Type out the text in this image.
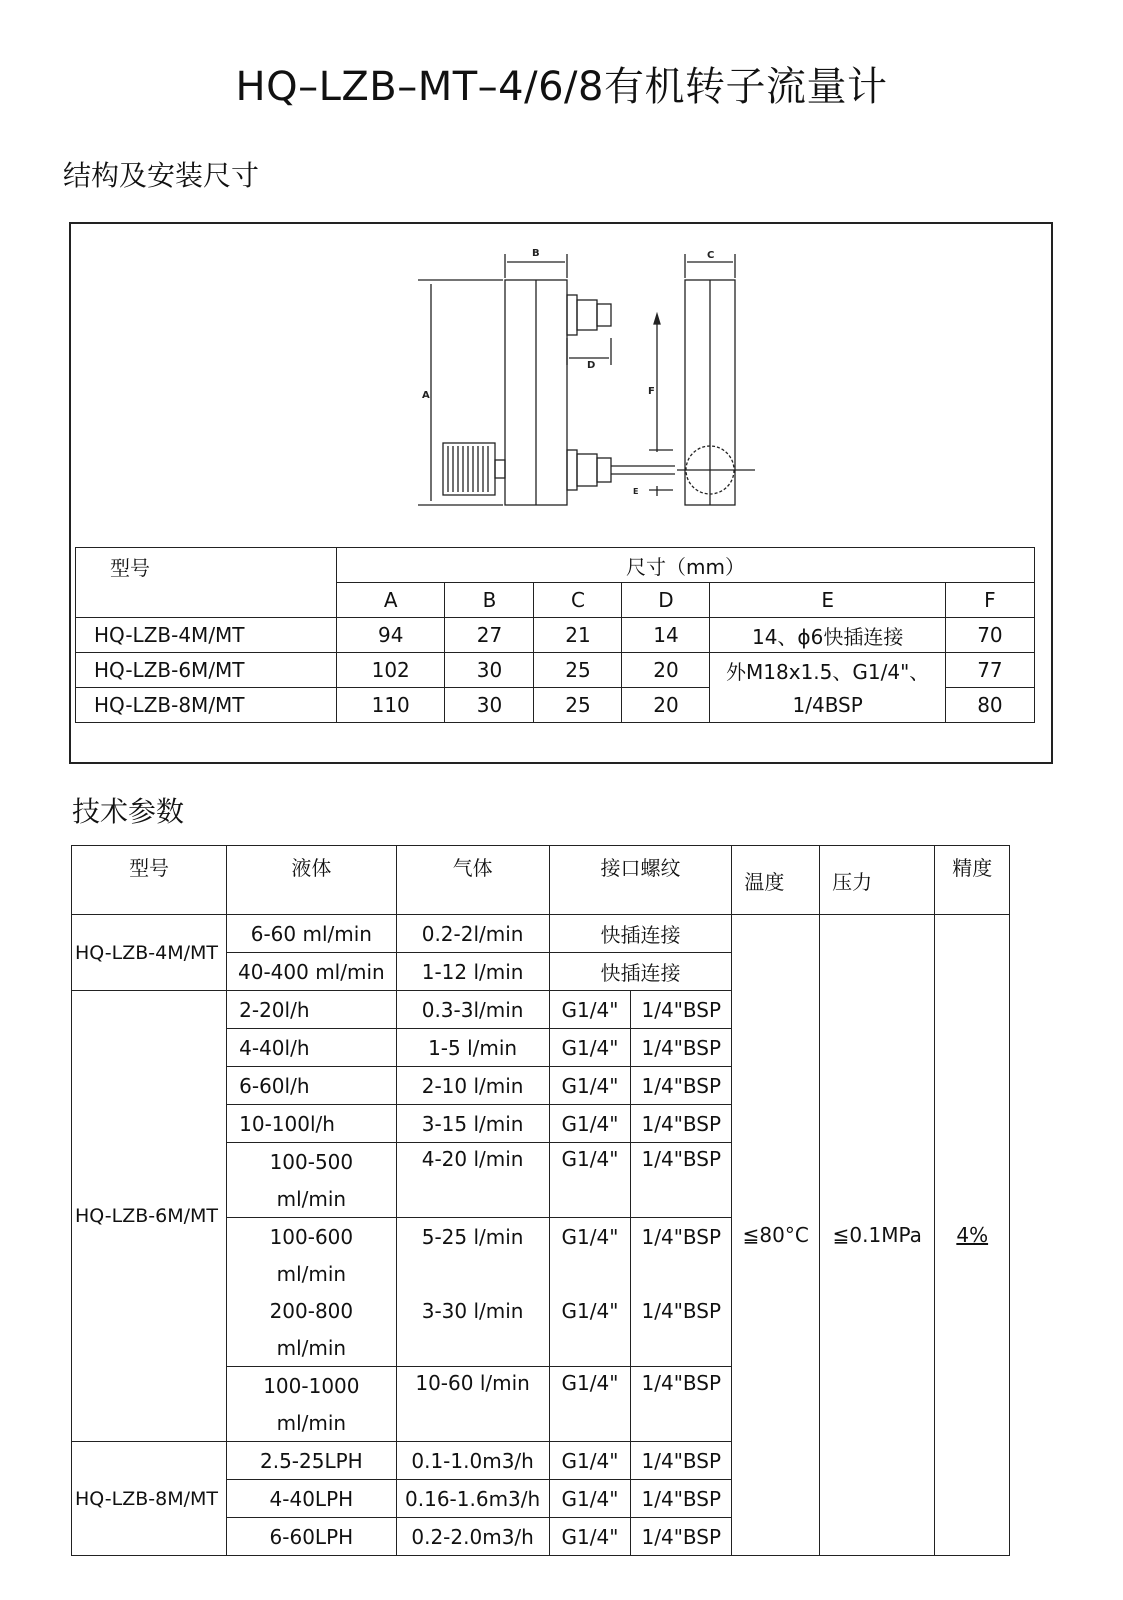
HQ–LZB–MT–4/6/8有机转子流量计
结构及安装尺寸
B	C
D
A	F
E
型号	尺寸（mm）					
	A	B	C	D	E	F
HQ-LZB-4M/MT	94	27	21	14	14、ϕ6快插连接	70
HQ-LZB-6M/MT	102	30	25	20	外M18x1.5、G1/4"、	77
HQ-LZB-8M/MT	110	30	25	20	1/4BSP	80
技术参数
型号	液体	气体	接口螺纹		温度	压力	精度
HQ-LZB-4M/MT	6-60 ml/min	0.2-2l/min	快插连接		≦80°C	≦0.1MPa	4%
	40-400 ml/min	1-12 l/min	快插连接				
HQ-LZB-6M/MT	2-20l/h	0.3-3l/min	G1/4"	1/4"BSP			
	4-40l/h	1-5 l/min	G1/4"	1/4"BSP			
	6-60l/h	2-10 l/min	G1/4"	1/4"BSP			
	10-100l/h	3-15 l/min	G1/4"	1/4"BSP			
	100-500	4-20 l/min	G1/4"	1/4"BSP			
	ml/min						
	100-600	5-25 l/min	G1/4"	1/4"BSP			
	ml/min						
	200-800	3-30 l/min	G1/4"	1/4"BSP			
	ml/min						
	100-1000	10-60 l/min	G1/4"	1/4"BSP			
	ml/min						
HQ-LZB-8M/MT	2.5-25LPH	0.1-1.0m3/h	G1/4"	1/4"BSP			
	4-40LPH	0.16-1.6m3/h	G1/4"	1/4"BSP			
	6-60LPH	0.2-2.0m3/h	G1/4"	1/4"BSP			
